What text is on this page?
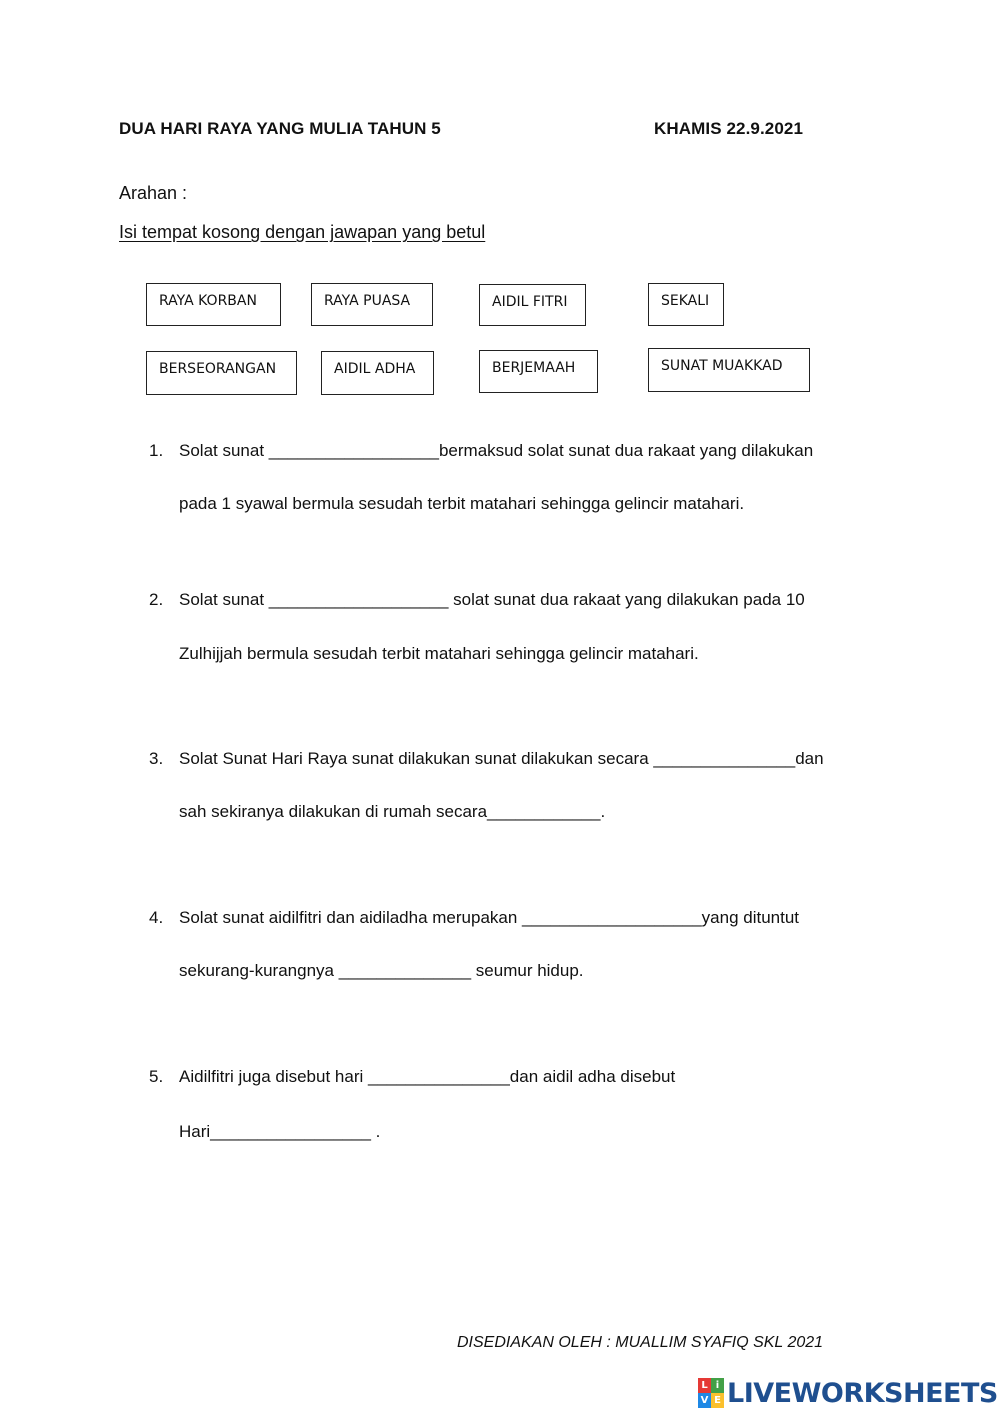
DUA HARI RAYA YANG MULIA TAHUN 5	KHAMIS 22.9.2021
Arahan :
Isi tempat kosong dengan jawapan yang betul
RAYA KORBAN	RAYA PUASA	AIDIL FITRI	SEKALI
BERSEORANGAN	AIDIL ADHA	BERJEMAAH	SUNAT MUAKKAD
1. Solat sunat __________________bermaksud solat sunat dua rakaat yang dilakukan
pada 1 syawal bermula sesudah terbit matahari sehingga gelincir matahari.
2. Solat sunat ___________________ solat sunat dua rakaat yang dilakukan pada 10
Zulhijjah bermula sesudah terbit matahari sehingga gelincir matahari.
3. Solat Sunat Hari Raya sunat dilakukan sunat dilakukan secara _______________dan
sah sekiranya dilakukan di rumah secara____________.
4. Solat sunat aidilfitri dan aidiladha merupakan ___________________yang dituntut
sekurang-kurangnya ______________ seumur hidup.
5. Aidilfitri juga disebut hari _______________dan aidil adha disebut
Hari_________________ .
DISEDIAKAN OLEH : MUALLIM SYAFIQ SKL 2021
L i
V E LIVEWORKSHEETS
